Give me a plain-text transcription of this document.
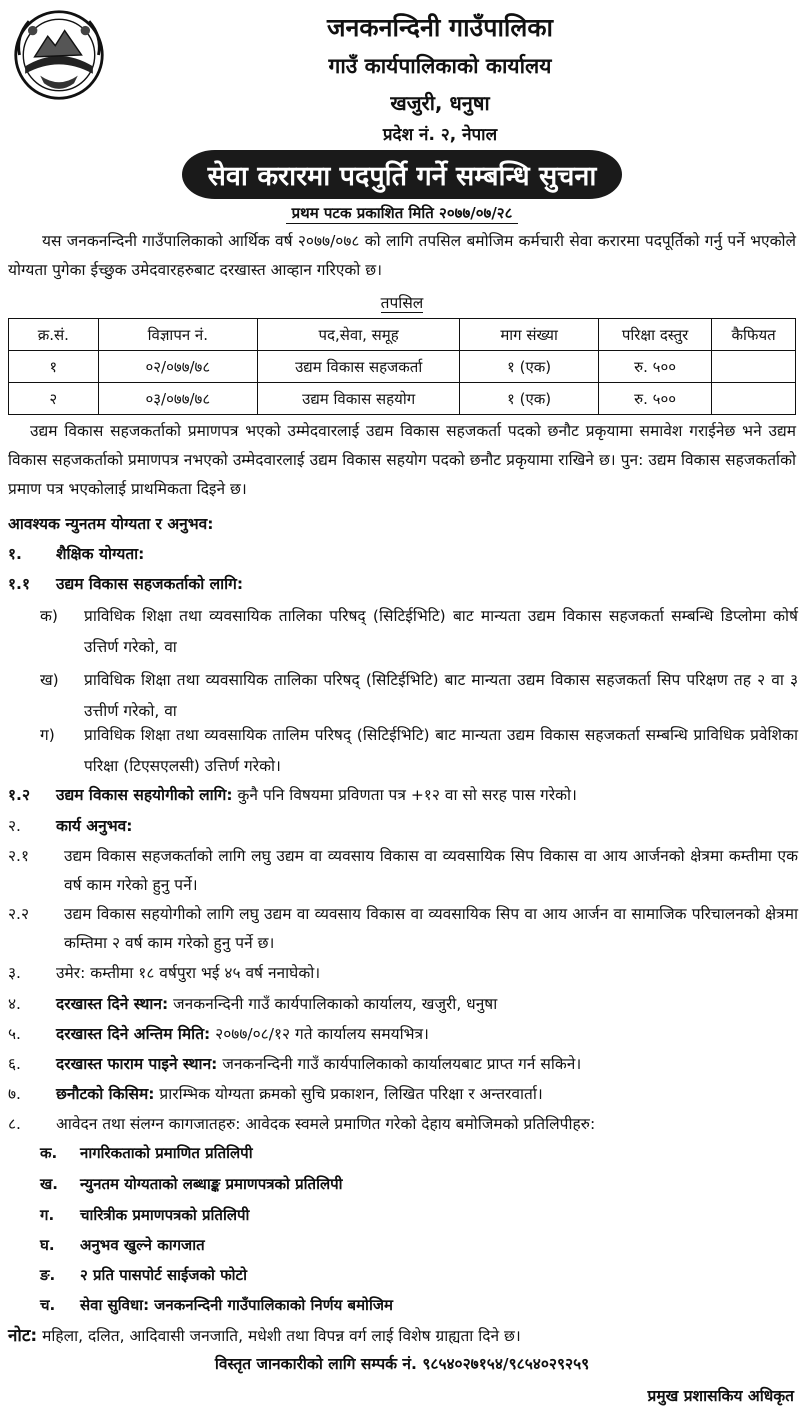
जनकनन्दिनी गाउँपालिका
गाउँ कार्यपालिकाको कार्यालय
खजुरी, धनुषा
प्रदेश नं. २, नेपाल
सेवा करारमा पदपुर्ति गर्ने सम्बन्धि सुचना
प्रथम पटक प्रकाशित मिति २०७७/०७/२८
यस जनकनन्दिनी गाउँपालिकाको आर्थिक वर्ष २०७७/०७८ को लागि तपसिल बमोजिम कर्मचारी सेवा करारमा पदपूर्तिको गर्नु पर्ने भएकोले योग्यता पुगेका ईच्छुक उमेदवारहरुबाट दरखास्त आव्हान गरिएको छ।
तपसिल
क्र.सं.	विज्ञापन नं.	पद,सेवा, समूह	माग संख्या	परिक्षा दस्तुर	कैफियत
१	०२/०७७/७८	उद्यम विकास सहजकर्ता	१ (एक)	रु. ५००	
२	०३/०७७/७८	उद्यम विकास सहयोग	१ (एक)	रु. ५००	
उद्यम विकास सहजकर्ताको प्रमाणपत्र भएको उम्मेदवारलाई उद्यम विकास सहजकर्ता पदको छनौट प्रकृयामा समावेश गराईनेछ भने उद्यम विकास सहजकर्ताको प्रमाणपत्र नभएको उम्मेदवारलाई उद्यम विकास सहयोग पदको छनौट प्रकृयामा राखिने छ। पुन: उद्यम विकास सहजकर्ताको प्रमाण पत्र भएकोलाई प्राथमिकता दिइने छ।
आवश्यक न्युनतम योग्यता र अनुभव:
१. शैक्षिक योग्यता:
१.१ उद्यम विकास सहजकर्ताको लागि:
क)	प्राविधिक शिक्षा तथा व्यवसायिक तालिका परिषद् (सिटिईभिटि) बाट मान्यता उद्यम विकास सहजकर्ता सम्बन्धि डिप्लोमा कोर्ष उत्तिर्ण गरेको, वा
ख)	प्राविधिक शिक्षा तथा व्यवसायिक तालिका परिषद् (सिटिईभिटि) बाट मान्यता उद्यम विकास सहजकर्ता सिप परिक्षण तह २ वा ३ उत्तीर्ण गरेको, वा
ग)	प्राविधिक शिक्षा तथा व्यवसायिक तालिम परिषद् (सिटिईभिटि) बाट मान्यता उद्यम विकास सहजकर्ता सम्बन्धि प्राविधिक प्रवेशिका परिक्षा (टिएसएलसी) उत्तिर्ण गरेको।
१.२ उद्यम विकास सहयोगीको लागि: कुनै पनि विषयमा प्रविणता पत्र +१२ वा सो सरह पास गरेको।
२. कार्य अनुभव:
२.१	उद्यम विकास सहजकर्ताको लागि लघु उद्यम वा व्यवसाय विकास वा व्यवसायिक सिप विकास वा आय आर्जनको क्षेत्रमा कम्तीमा एक वर्ष काम गरेको हुनु पर्ने।
२.२	उद्यम विकास सहयोगीको लागि लघु उद्यम वा व्यवसाय विकास वा व्यवसायिक सिप वा आय आर्जन वा सामाजिक परिचालनको क्षेत्रमा कम्तिमा २ वर्ष काम गरेको हुनु पर्ने छ।
३. उमेर: कम्तीमा १८ वर्षपुरा भई ४५ वर्ष ननाघेको।
४. दरखास्त दिने स्थान: जनकनन्दिनी गाउँ कार्यपालिकाको कार्यालय, खजुरी, धनुषा
५. दरखास्त दिने अन्तिम मिति: २०७७/०८/१२ गते कार्यालय समयभित्र।
६. दरखास्त फाराम पाइने स्थान: जनकनन्दिनी गाउँ कार्यपालिकाको कार्यालयबाट प्राप्त गर्न सकिने।
७. छनौटको किसिम: प्रारम्भिक योग्यता क्रमको सुचि प्रकाशन, लिखित परिक्षा र अन्तरवार्ता।
८. आवेदन तथा संलग्न कागजातहरु: आवेदक स्वमले प्रमाणित गरेको देहाय बमोजिमको प्रतिलिपीहरु:
क. नागरिकताको प्रमाणित प्रतिलिपी
ख. न्युनतम योग्यताको लब्धाङ्क प्रमाणपत्रको प्रतिलिपी
ग. चारित्रीक प्रमाणपत्रको प्रतिलिपी
घ. अनुभव खुल्ने कागजात
ङ. २ प्रति पासपोर्ट साईजको फोटो
च. सेवा सुविधा: जनकनन्दिनी गाउँपालिकाको निर्णय बमोजिम
नोट: महिला, दलित, आदिवासी जनजाति, मधेशी तथा विपन्न वर्ग लाई विशेष ग्राह्यता दिने छ।
विस्तृत जानकारीको लागि सम्पर्क नं. ९८५४०२७१५४/९८५४०२९२५९
प्रमुख प्रशासकिय अधिकृत
